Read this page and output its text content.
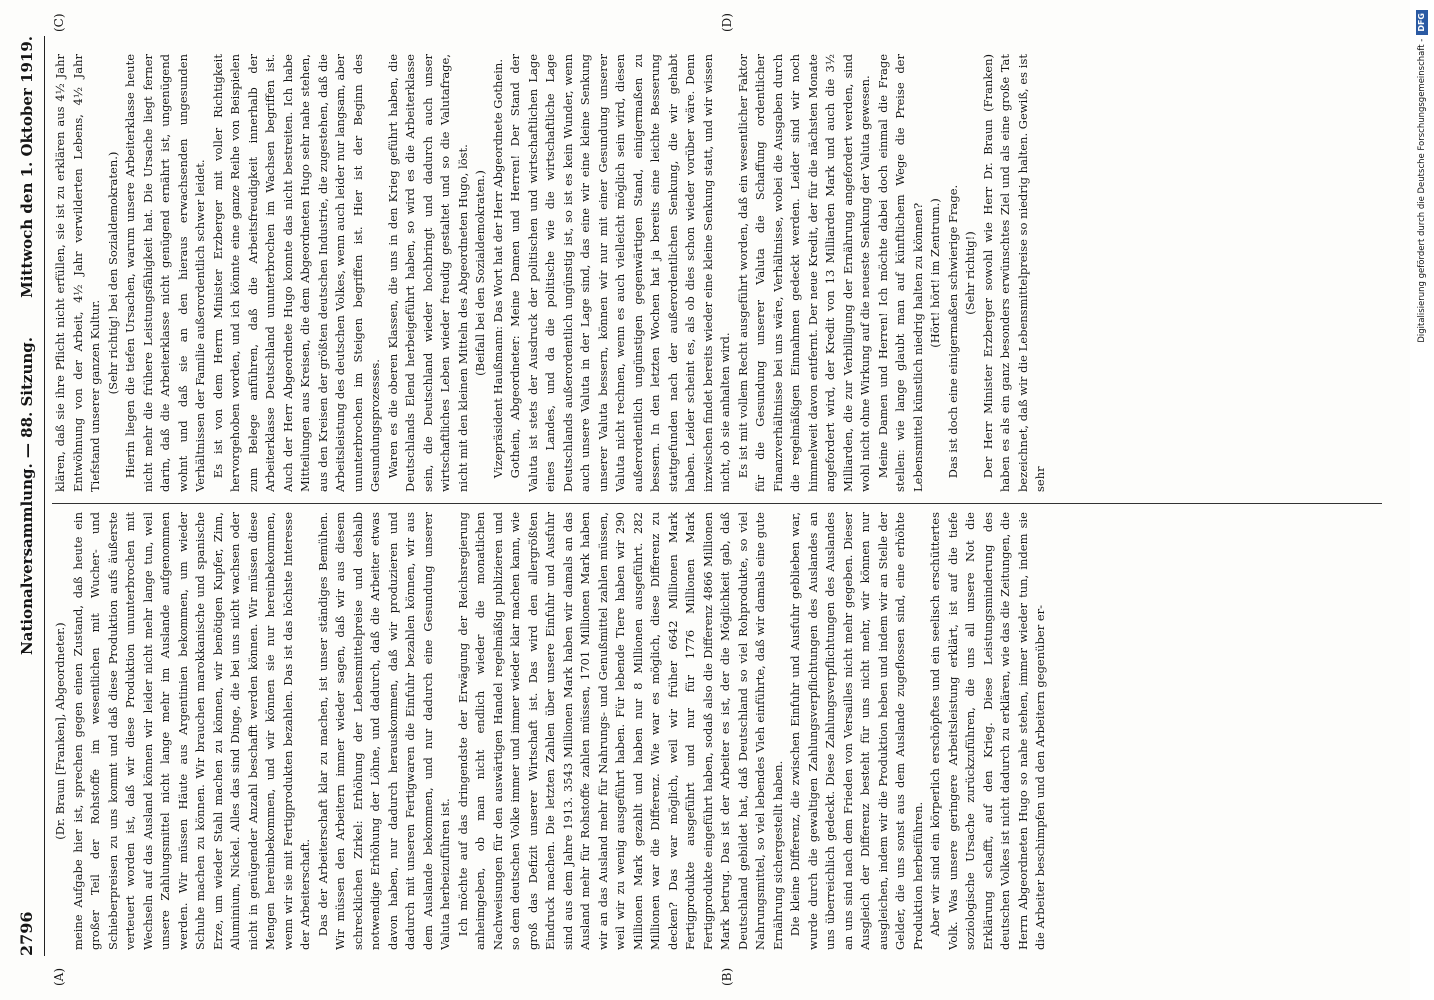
2796
Nationalversammlung. — 88. Sitzung.
Mittwoch den 1. Oktober 1919.
(A)	(B)
(C)	(D)

(Dr. Braun [Franken], Abgeordneter.) meine Aufgabe hier ist, sprechen gegen einen Zustand, daß heute ein großer Teil der Rohstoffe im wesentlichen mit Wucher- und Schieberpreisen zu uns kommt und daß diese Produktion aufs äußerste verteuert worden ist, daß wir diese Produktion ununterbrochen mit Wechseln auf das Ausland können wir leider nicht mehr lange tun, weil unsere Zahlungsmittel nicht lange mehr im Auslande aufgenommen werden. Wir müssen Häute aus Argentinien bekommen, um wieder Schuhe machen zu können. Wir brauchen marokkanische und spanische Erze, um wieder Stahl machen zu können, wir benötigen Kupfer, Zinn, Aluminium, Nickel. Alles das sind Dinge, die bei uns nicht wachsen oder nicht in genügender Anzahl beschafft werden können. Wir müssen diese Mengen hereinbekommen, und wir können sie nur hereinbekommen, wenn wir sie mit Fertigprodukten bezahlen. Das ist das höchste Interesse der Arbeiterschaft. Das der Arbeiterschaft klar zu machen, ist unser ständiges Bemühen. Wir müssen den Arbeitern immer wieder sagen, daß wir aus diesem schrecklichen Zirkel: Erhöhung der Lebensmittelpreise und deshalb notwendige Erhöhung der Löhne, und dadurch, daß die Arbeiter etwas davon haben, nur dadurch herauskommen, daß wir produzieren und dadurch mit unseren Fertigwaren die Einfuhr bezahlen können, wir aus dem Auslande bekommen, und nur dadurch eine Gesundung unserer Valuta herbeizuführen ist. Ich möchte auf das dringendste der Erwägung der Reichsregierung anheimgeben, ob man nicht endlich wieder die monatlichen Nachweisungen für den auswärtigen Handel regelmäßig publizieren und so dem deutschen Volke immer und immer wieder klar machen kann, wie groß das Defizit unserer Wirtschaft ist. Das wird den allergrößten Eindruck machen. Die letzten Zahlen über unsere Einfuhr und Ausfuhr sind aus dem Jahre 1913. 3543 Millionen Mark haben wir damals an das Ausland mehr für Rohstoffe zahlen müssen, 1701 Millionen Mark haben wir an das Ausland mehr für Nahrungs- und Genußmittel zahlen müssen, weil wir zu wenig ausgeführt haben. Für lebende Tiere haben wir 290 Millionen Mark gezahlt und haben nur 8 Millionen ausgeführt. 282 Millionen war die Differenz. Wie war es möglich, diese Differenz zu decken? Das war möglich, weil wir früher 6642 Millionen Mark Fertigprodukte ausgeführt und nur für 1776 Millionen Mark Fertigprodukte eingeführt haben, sodaß also die Differenz 4866 Millionen Mark betrug. Das ist der Arbeiter es ist, der die Möglichkeit gab, daß Deutschland gebildet hat, daß Deutschland so viel Rohprodukte, so viel Nahrungsmittel, so viel lebendes Vieh einführte, daß wir damals eine gute Ernährung sichergestellt haben. Die kleine Differenz, die zwischen Einfuhr und Ausfuhr geblieben war, wurde durch die gewaltigen Zahlungsverpflichtungen des Auslandes an uns überreichlich gedeckt. Diese Zahlungsverpflichtungen des Auslandes an uns sind nach dem Frieden von Versailles nicht mehr gegeben. Dieser Ausgleich der Differenz besteht für uns nicht mehr, wir können nur ausgleichen, indem wir die Produktion heben und indem wir an Stelle der Gelder, die uns sonst aus dem Auslande zugeflossen sind, eine erhöhte Produktion herbeiführen. Aber wir sind ein körperlich erschöpftes und ein seelisch erschüttertes Volk. Was unsere geringere Arbeitsleistung erklärt, ist auf die tiefe soziologische Ursache zurückzuführen, die uns all unsere Not die Erklärung schafft, auf den Krieg. Diese Leistungsminderung des deutschen Volkes ist nicht dadurch zu erklären, wie das die Zeitungen, die Herrn Abgeordneten Hugo so nahe stehen, immer wieder tun, indem sie die Arbeiter beschimpfen und den Arbeitern gegenüber er-

klären, daß sie ihre Pflicht nicht erfüllen, sie ist zu erklären aus 4½ Jahr Entwöhnung von der Arbeit, 4½ Jahr verwilderten Lebens, 4½ Jahr Tiefstand unserer ganzen Kultur.

(Sehr richtig! bei den Sozialdemokraten.) Hierin liegen die tiefen Ursachen, warum unsere Arbeiterklasse heute nicht mehr die frühere Leistungsfähigkeit hat. Die Ursache liegt ferner darin, daß die Arbeiterklasse nicht genügend ernährt ist, ungenügend wohnt und daß sie an den hieraus erwachsenden ungesunden Verhältnissen der Familie außerordentlich schwer leidet. Es ist von dem Herrn Minister Erzberger mit voller Richtigkeit hervorgehoben worden, und ich könnte eine ganze Reihe von Beispielen zum Belege anführen, daß die Arbeitsfreudigkeit innerhalb der Arbeiterklasse Deutschland ununterbrochen im Wachsen begriffen ist. Auch der Herr Abgeordnete Hugo konnte das nicht bestreiten. Ich habe Mitteilungen aus Kreisen, die dem Abgeordneten Hugo sehr nahe stehen, aus den Kreisen der größten deutschen Industrie, die zugestehen, daß die Arbeitsleistung des deutschen Volkes, wenn auch leider nur langsam, aber ununterbrochen im Steigen begriffen ist. Hier ist der Beginn des Gesundungsprozesses. Waren es die oberen Klassen, die uns in den Krieg geführt haben, die Deutschlands Elend herbeigeführt haben, so wird es die Arbeiterklasse sein, die Deutschland wieder hochbringt und dadurch auch unser wirtschaftliches Leben wieder freudig gestaltet und so die Valutafrage, nicht mit den kleinen Mitteln des Abgeordneten Hugo, löst. (Beifall bei den Sozialdemokraten.) Vizepräsident Haußmann: Das Wort hat der Herr Abgeordnete Gothein. Gothein, Abgeordneter: Meine Damen und Herren! Der Stand der Valuta ist stets der Ausdruck der politischen und wirtschaftlichen Lage eines Landes, und da die politische wie die wirtschaftliche Lage Deutschlands außerordentlich ungünstig ist, so ist es kein Wunder, wenn auch unsere Valuta in der Lage sind, das eine wir eine kleine Senkung unserer Valuta bessern, können wir nur mit einer Gesundung unserer Valuta nicht rechnen, wenn es auch vielleicht möglich sein wird, diesen außerordentlich ungünstigen gegenwärtigen Stand, einigermaßen zu bessern. In den letzten Wochen hat ja bereits eine leichte Besserung stattgefunden nach der außerordentlichen Senkung, die wir gehabt haben. Leider scheint es, als ob dies schon wieder vorüber wäre. Denn inzwischen findet bereits wieder eine kleine Senkung statt, und wir wissen nicht, ob sie anhalten wird. Es ist mit vollem Recht ausgeführt worden, daß ein wesentlicher Faktor für die Gesundung unserer Valuta die Schaffung ordentlicher Finanzverhältnisse bei uns wäre, Verhältnisse, wobei die Ausgaben durch die regelmäßigen Einnahmen gedeckt werden. Leider sind wir noch himmelweit davon entfernt. Der neue Kredit, der für die nächsten Monate angefordert wird, der Kredit von 13 Milliarden Mark und auch die 3½ Milliarden, die zur Verbilligung der Ernährung angefordert werden, sind wohl nicht ohne Wirkung auf die neueste Senkung der Valuta gewesen. Meine Damen und Herren! Ich möchte dabei doch einmal die Frage stellen: wie lange glaubt man auf künftlichem Wege die Preise der Lebensmittel künstlich niedrig halten zu können? (Hört! hört! im Zentrum.) Das ist doch eine einigermaßen schwierige Frage. (Sehr richtig!) Der Herr Minister Erzberger sowohl wie Herr Dr. Braun (Franken) haben es als ein ganz besonders erwünschtes Ziel und als eine große Tat bezeichnet, daß wir die Lebensmittelpreise so niedrig halten. Gewiß, es ist sehr

Digitalisierung gefördert durch die Deutsche Forschungsgemeinschaft -DFG
